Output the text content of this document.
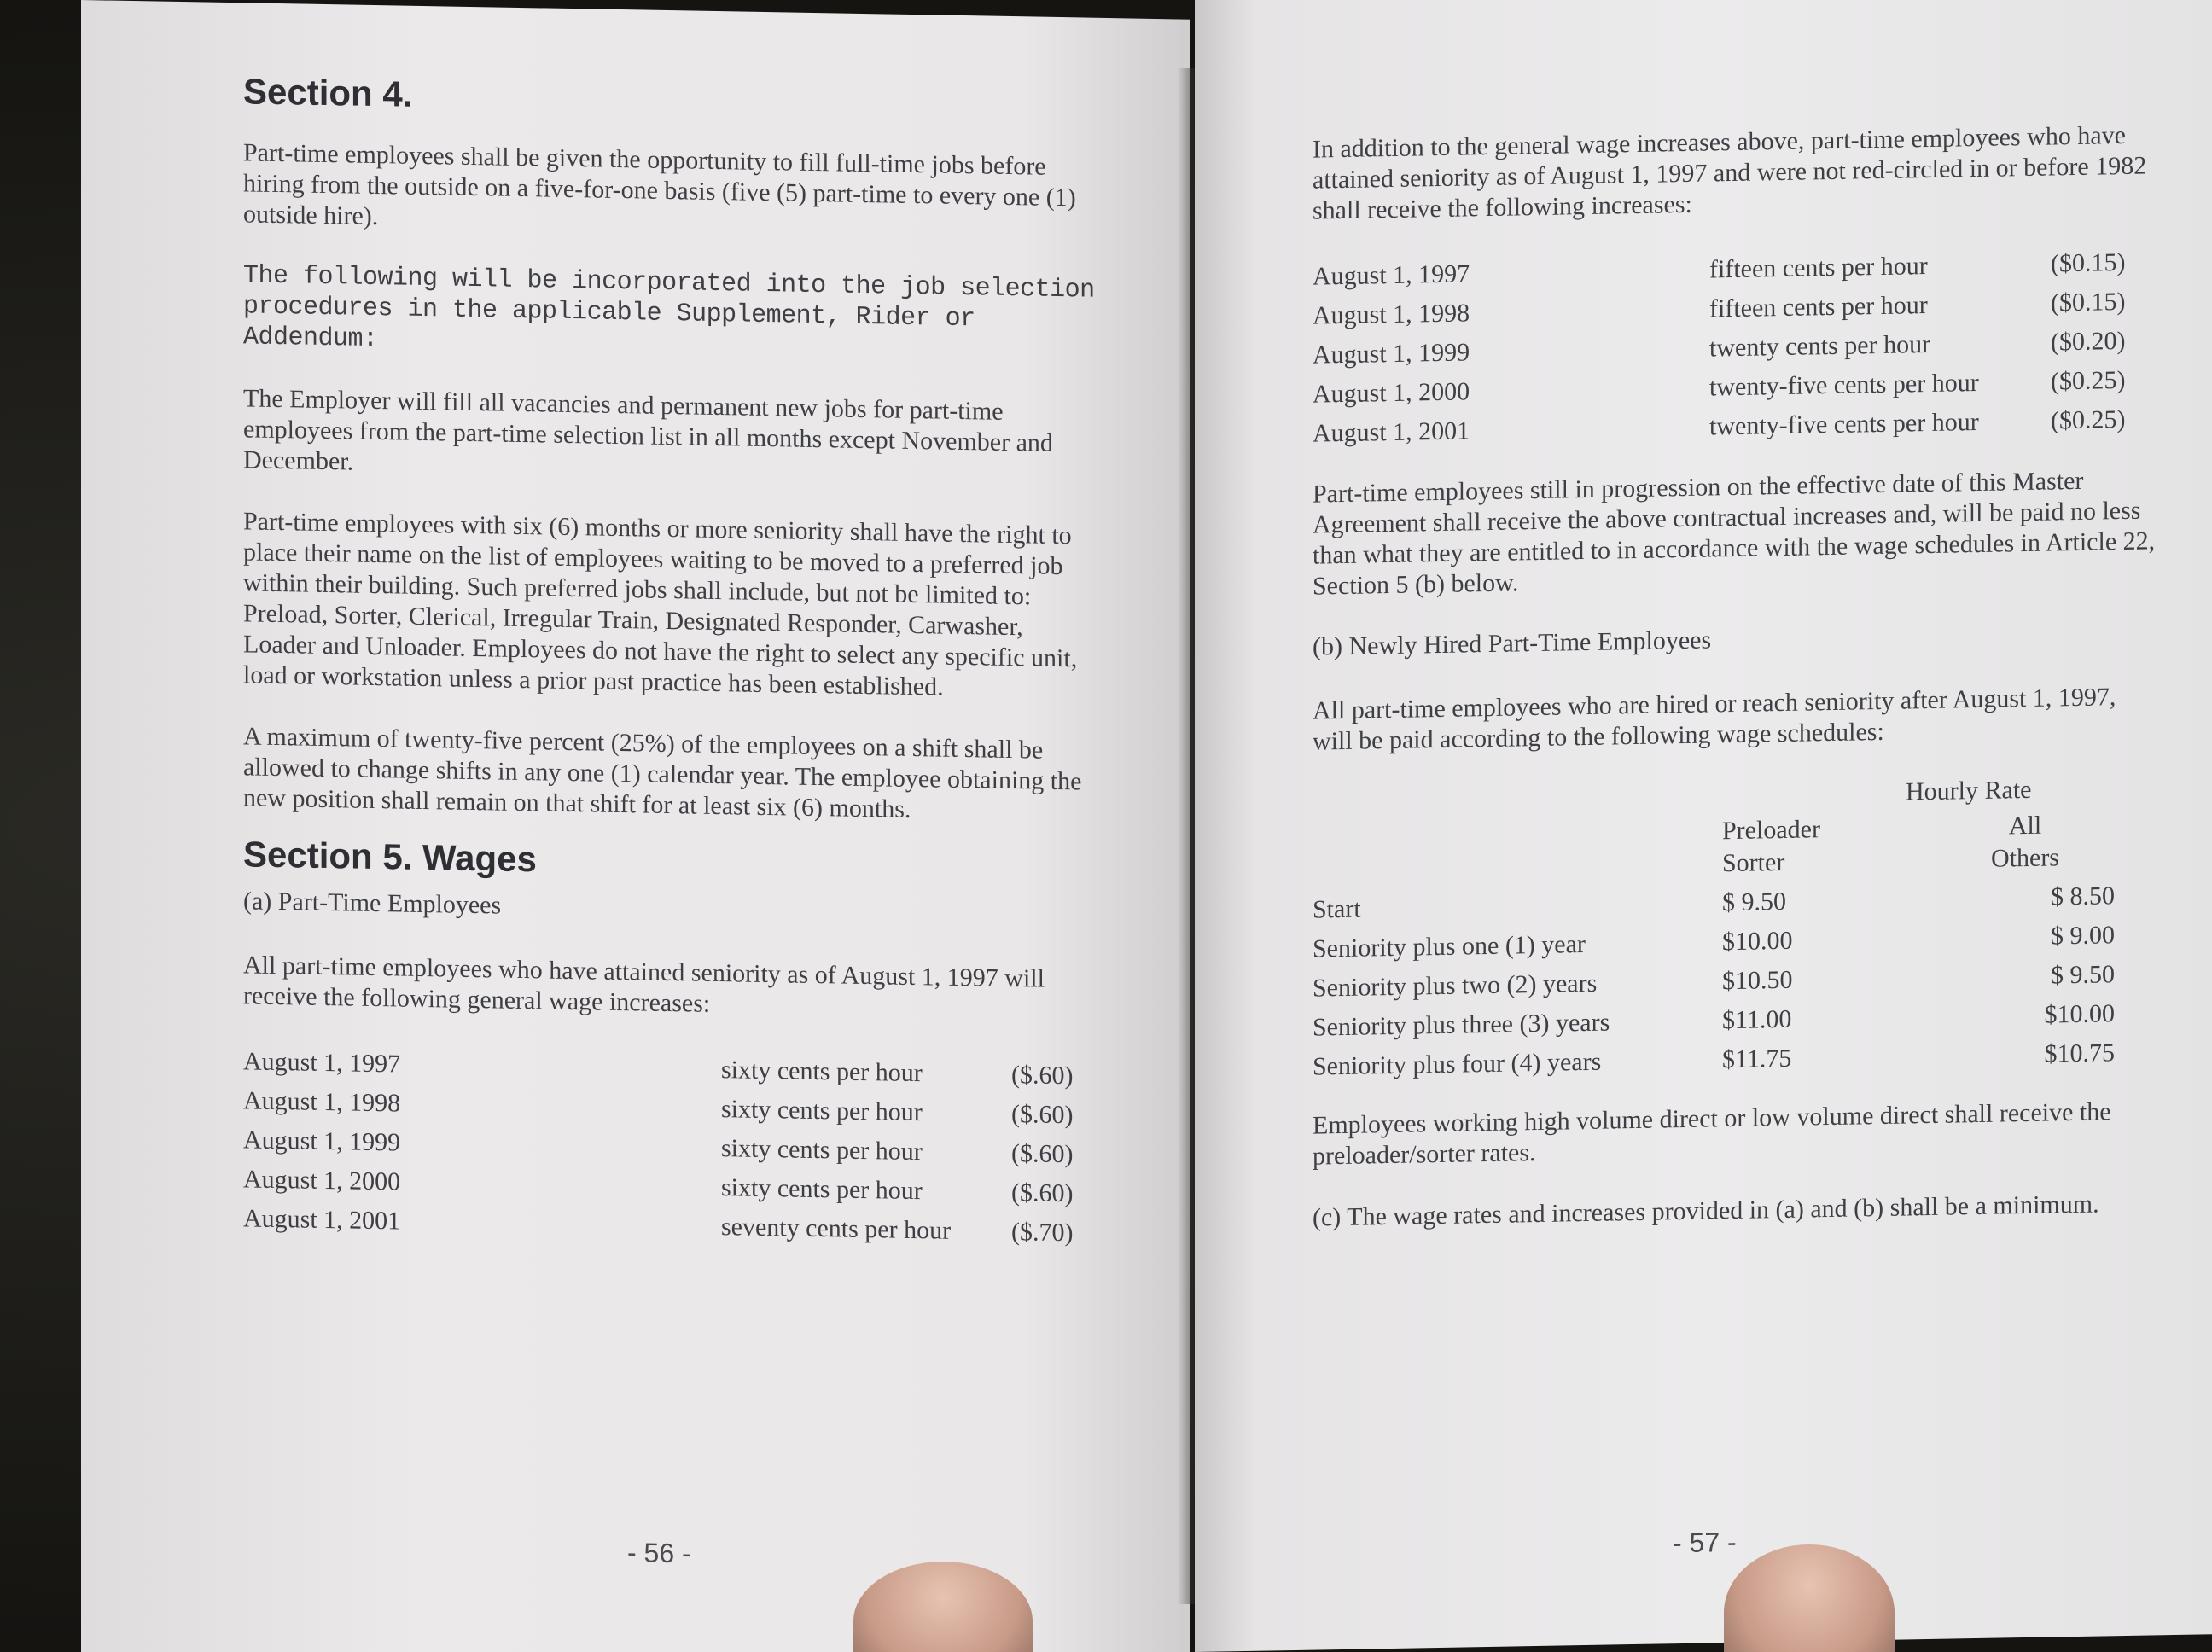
Section 4.

Part-time employees shall be given the opportunity to fill full-time jobs before hiring from the outside on a five-for-one basis (five (5) part-time to every one (1) outside hire).

The following will be incorporated into the job selection procedures in the applicable Supplement, Rider or Addendum:

The Employer will fill all vacancies and permanent new jobs for part-time employees from the part-time selection list in all months except November and December.

Part-time employees with six (6) months or more seniority shall have the right to place their name on the list of employees waiting to be moved to a preferred job within their building. Such preferred jobs shall include, but not be limited to: Preload, Sorter, Clerical, Irregular Train, Designated Responder, Carwasher, Loader and Unloader. Employees do not have the right to select any specific unit, load or workstation unless a prior past practice has been established.

A maximum of twenty-five percent (25%) of the employees on a shift shall be allowed to change shifts in any one (1) calendar year. The employee obtaining the new position shall remain on that shift for at least six (6) months.

Section 5. Wages
(a) Part-Time Employees

All part-time employees who have attained seniority as of August 1, 1997 will receive the following general wage increases:

August 1, 1997	sixty cents per hour	($.60)
August 1, 1998	sixty cents per hour	($.60)
August 1, 1999	sixty cents per hour	($.60)
August 1, 2000	sixty cents per hour	($.60)
August 1, 2001	seventy cents per hour	($.70)
- 56 -

In addition to the general wage increases above, part-time employees who have attained seniority as of August 1, 1997 and were not red-circled in or before 1982 shall receive the following increases:

August 1, 1997	fifteen cents per hour	($0.15)
August 1, 1998	fifteen cents per hour	($0.15)
August 1, 1999	twenty cents per hour	($0.20)
August 1, 2000	twenty-five cents per hour	($0.25)
August 1, 2001	twenty-five cents per hour	($0.25)

Part-time employees still in progression on the effective date of this Master Agreement shall receive the above contractual increases and, will be paid no less than what they are entitled to in accordance with the wage schedules in Article 22, Section 5 (b) below.

(b) Newly Hired Part-Time Employees

All part-time employees who are hired or reach seniority after August 1, 1997, will be paid according to the following wage schedules:

Hourly Rate
Preloader
Sorter
All
Others
Start	$ 9.50	$ 8.50
Seniority plus one (1) year	$10.00	$ 9.00
Seniority plus two (2) years	$10.50	$ 9.50
Seniority plus three (3) years	$11.00	$10.00
Seniority plus four (4) years	$11.75	$10.75

Employees working high volume direct or low volume direct shall receive the preloader/sorter rates.

(c) The wage rates and increases provided in (a) and (b) shall be a minimum.

- 57 -
